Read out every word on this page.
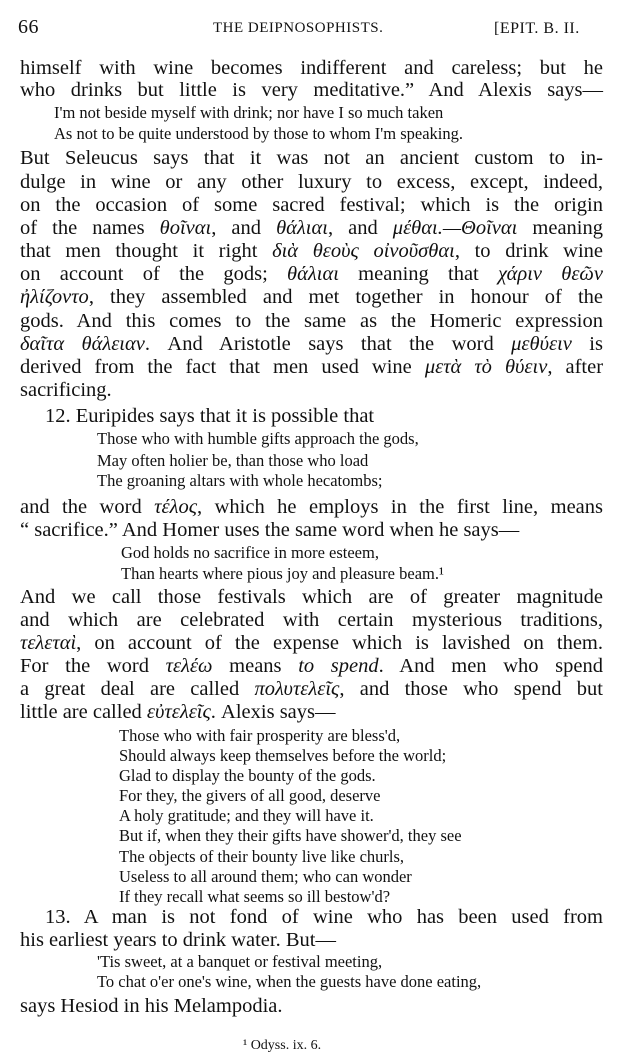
66	THE DEIPNOSOPHISTS.	[EPIT. B. II.
himself with wine becomes indifferent and careless; but he
who drinks but little is very meditative.” And Alexis says—
I'm not beside myself with drink; nor have I so much taken
As not to be quite understood by those to whom I'm speaking.
But Seleucus says that it was not an ancient custom to in-
dulge in wine or any other luxury to excess, except, indeed,
on the occasion of some sacred festival; which is the origin
of the names θοῖναι, and θάλιαι, and μέθαι.—Θοῖναι meaning
that men thought it right διὰ θεοὺς οἰνοῦσθαι, to drink wine
on account of the gods; θάλιαι meaning that χάριν θεῶν
ἠλίζοντο, they assembled and met together in honour of the
gods. And this comes to the same as the Homeric expression
δαῖτα θάλειαν. And Aristotle says that the word μεθύειν is
derived from the fact that men used wine μετὰ τὸ θύειν, after
sacrificing.
12. Euripides says that it is possible that
Those who with humble gifts approach the gods,
May often holier be, than those who load
The groaning altars with whole hecatombs;
and the word τέλος, which he employs in the first line, means
“ sacrifice.” And Homer uses the same word when he says—
God holds no sacrifice in more esteem,
Than hearts where pious joy and pleasure beam.¹
And we call those festivals which are of greater magnitude
and which are celebrated with certain mysterious traditions,
τελεταὶ, on account of the expense which is lavished on them.
For the word τελέω means to spend. And men who spend
a great deal are called πολυτελεῖς, and those who spend but
little are called εὐτελεῖς. Alexis says—
Those who with fair prosperity are bless'd,
Should always keep themselves before the world;
Glad to display the bounty of the gods.
For they, the givers of all good, deserve
A holy gratitude; and they will have it.
But if, when they their gifts have shower'd, they see
The objects of their bounty live like churls,
Useless to all around them; who can wonder
If they recall what seems so ill bestow'd?
13. A man is not fond of wine who has been used from
his earliest years to drink water. But—
'Tis sweet, at a banquet or festival meeting,
To chat o'er one's wine, when the guests have done eating,
says Hesiod in his Melampodia.
¹ Odyss. ix. 6.
